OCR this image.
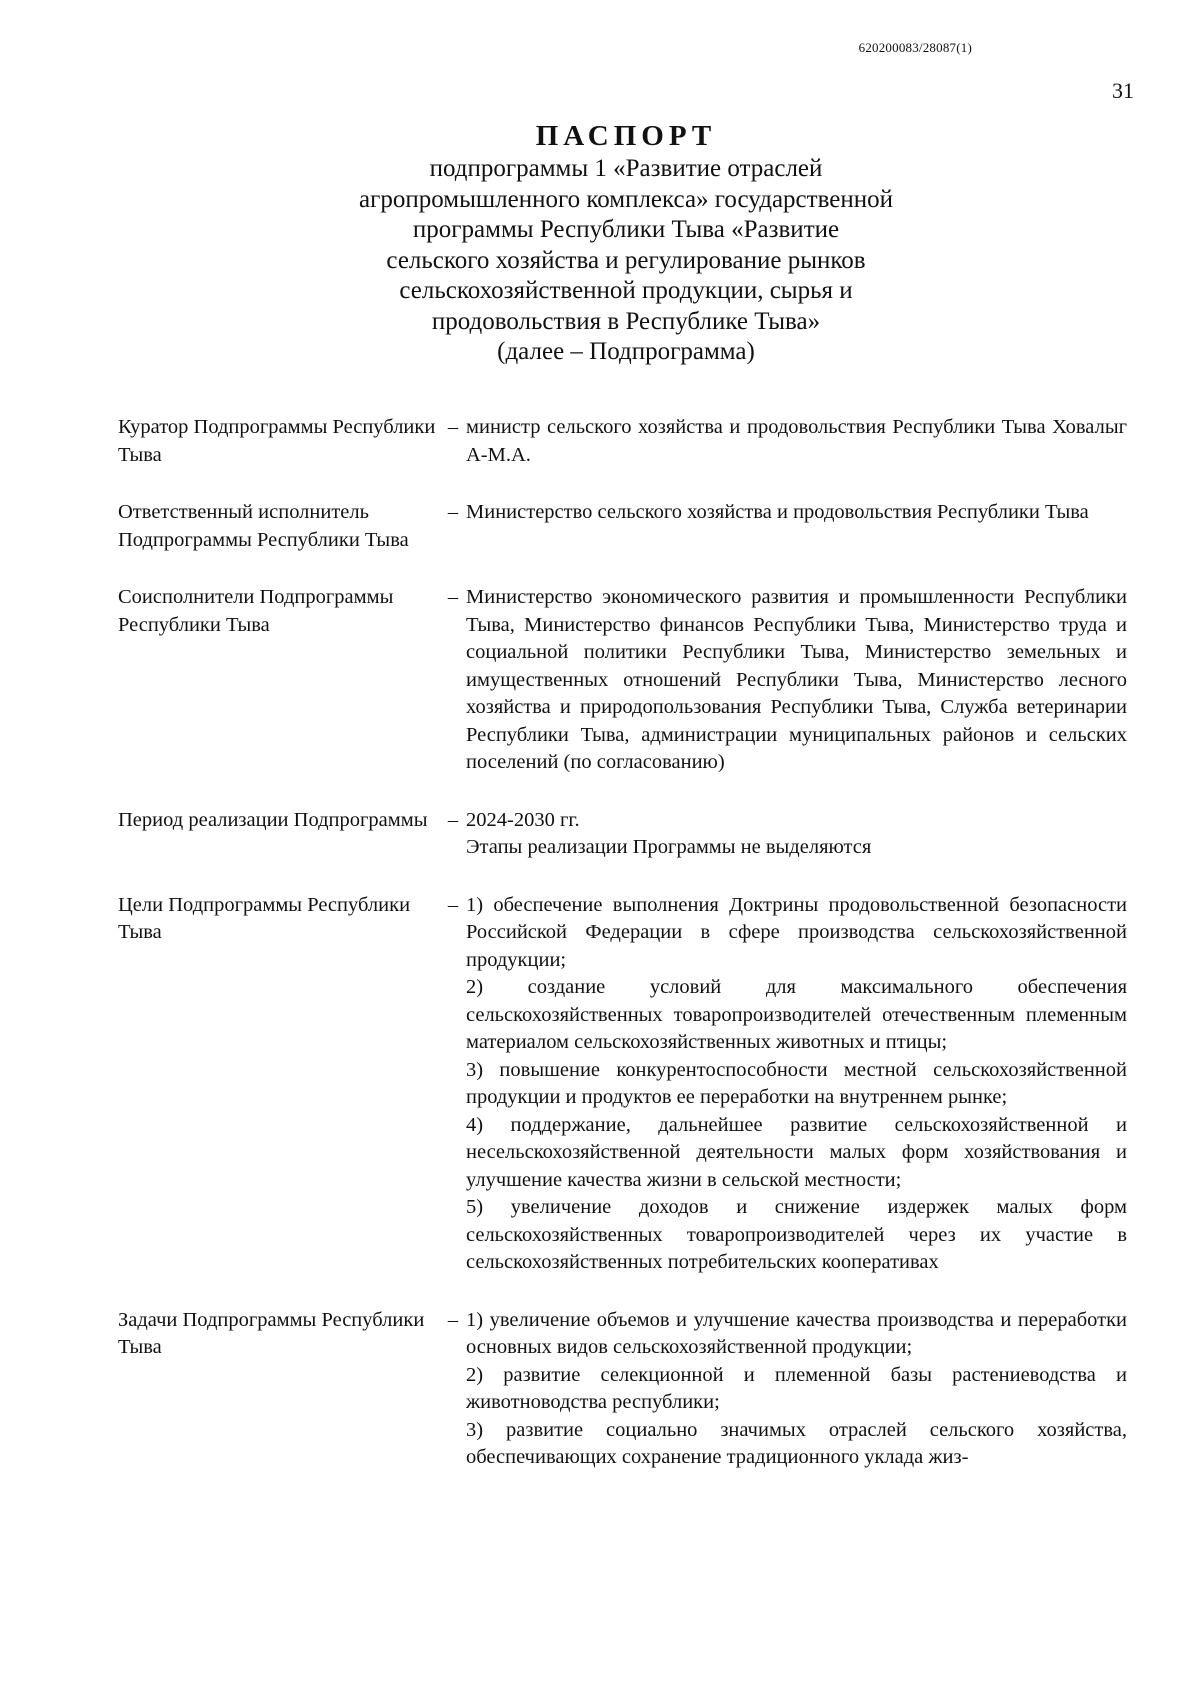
620200083/28087(1)
31
ПАСПОРТ
подпрограммы 1 «Развитие отраслей
агропромышленного комплекса» государственной
программы Республики Тыва «Развитие
сельского хозяйства и регулирование рынков
сельскохозяйственной продукции, сырья и
продовольствия в Республике Тыва»
(далее – Подпрограмма)
Куратор Подпрограммы Республики Тыва
– министр сельского хозяйства и продовольствия Республики Тыва Ховалыг А-М.А.

Ответственный исполнитель Подпрограммы Республики Тыва
– Министерство сельского хозяйства и продовольствия Республики Тыва

Соисполнители Подпрограммы Республики Тыва
– Министерство экономического развития и промышленности Республики Тыва, Министерство финансов Республики Тыва, Министерство труда и социальной политики Республики Тыва, Министерство земельных и имущественных отношений Республики Тыва, Министерство лесного хозяйства и природопользования Республики Тыва, Служба ветеринарии Республики Тыва, администрации муниципальных районов и сельских поселений (по согласованию)

Период реализации Подпрограммы – 2024-2030 гг.

Этапы реализации Программы не выделяются

Цели Подпрограммы Республики Тыва
– 1) обеспечение выполнения Доктрины продовольственной безопасности Российской Федерации в сфере производства сельскохозяйственной продукции;

2) создание условий для максимального обеспечения сельскохозяйственных товаропроизводителей отечественным племенным материалом сельскохозяйственных животных и птицы;

3) повышение конкурентоспособности местной сельскохозяйственной продукции и продуктов ее переработки на внутреннем рынке;

4) поддержание, дальнейшее развитие сельскохозяйственной и несельскохозяйственной деятельности малых форм хозяйствования и улучшение качества жизни в сельской местности;

5) увеличение доходов и снижение издержек малых форм сельскохозяйственных товаропроизводителей через их участие в сельскохозяйственных потребительских кооперативах

Задачи Подпрограммы Республики Тыва
– 1) увеличение объемов и улучшение качества производства и переработки основных видов сельскохозяйственной продукции;

2) развитие селекционной и племенной базы растениеводства и животноводства республики;

3) развитие социально значимых отраслей сельского хозяйства, обеспечивающих сохранение традиционного уклада жиз-
